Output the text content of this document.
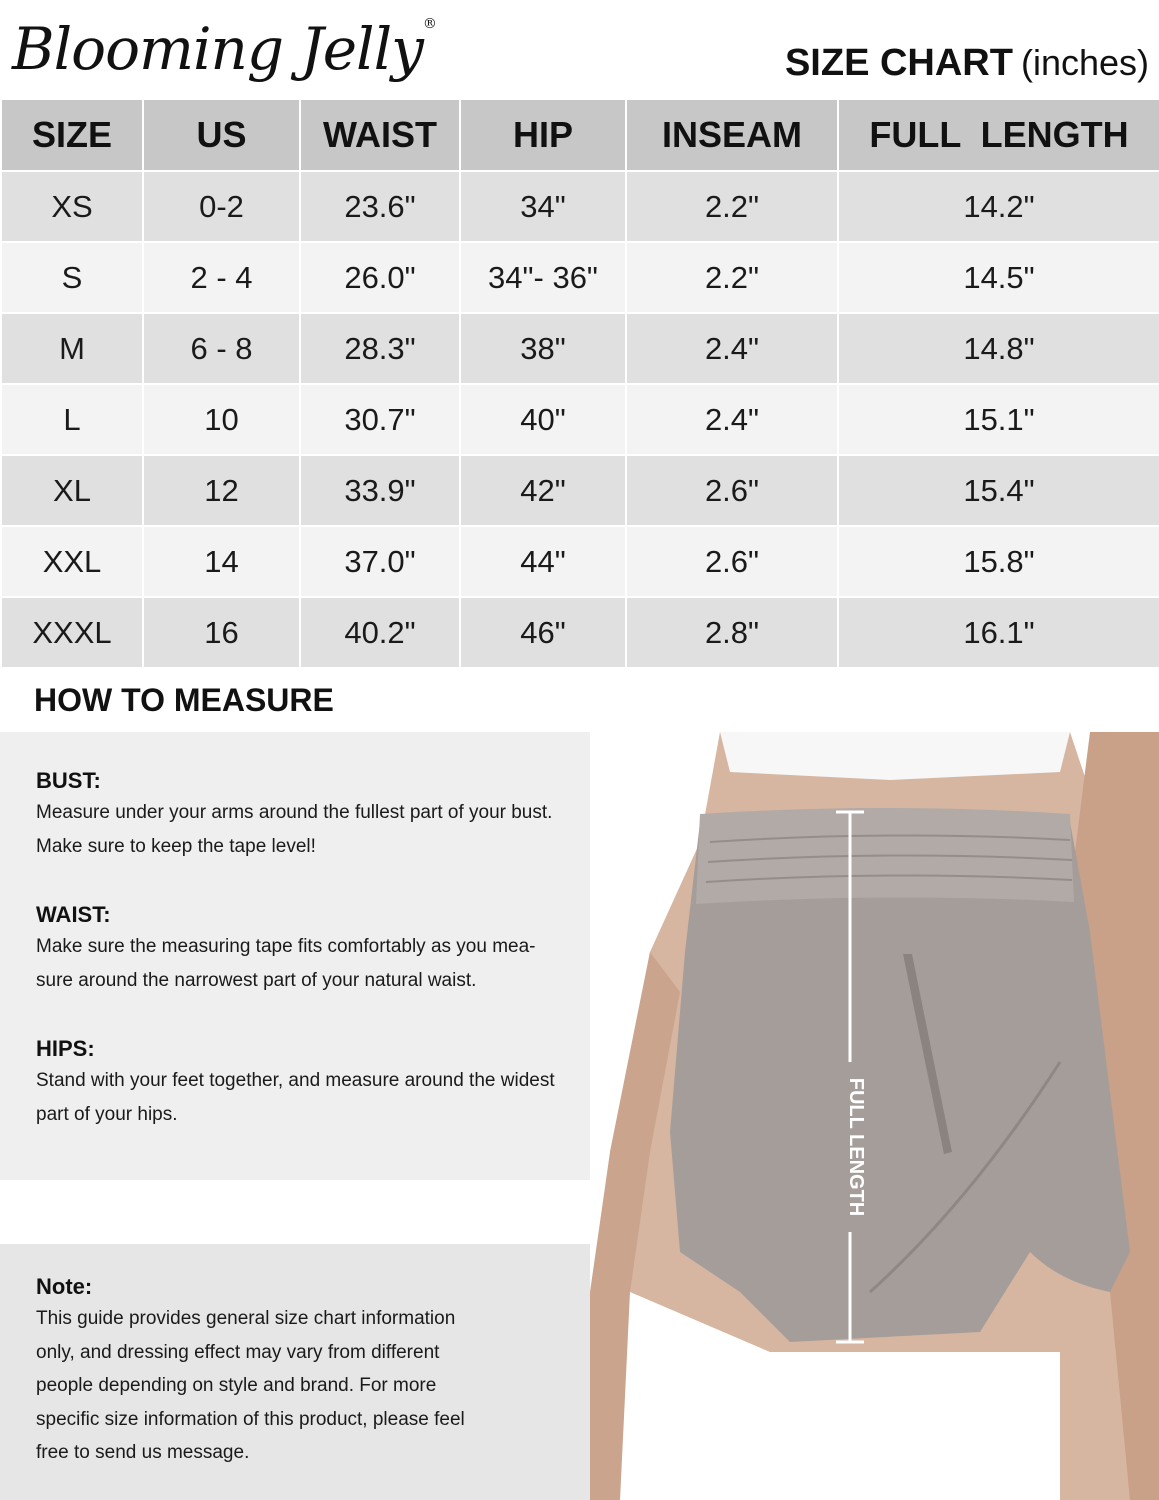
Blooming Jelly®
SIZE CHART (inches)
SIZE	US	WAIST	HIP	INSEAM	FULL  LENGTH
XS	0-2	23.6"	34"	2.2"	14.2"
S	2 - 4	26.0"	34"- 36"	2.2"	14.5"
M	6 - 8	28.3"	38"	2.4"	14.8"
L	10	30.7"	40"	2.4"	15.1"
XL	12	33.9"	42"	2.6"	15.4"
XXL	14	37.0"	44"	2.6"	15.8"
XXXL	16	40.2"	46"	2.8"	16.1"
HOW TO MEASURE
BUST:

Measure under your arms around the fullest part of your bust.

Make sure to keep the tape level!

WAIST:

Make sure the measuring tape fits comfortably as you mea-

sure around the narrowest part of your natural waist.

HIPS:

Stand with your feet together, and measure around the widest

part of your hips.

Note:

This guide provides general size chart information

only, and dressing effect may vary from different

people depending on style and brand. For more

specific size information of this product, please feel

free to send us message.

FULL LENGTH
